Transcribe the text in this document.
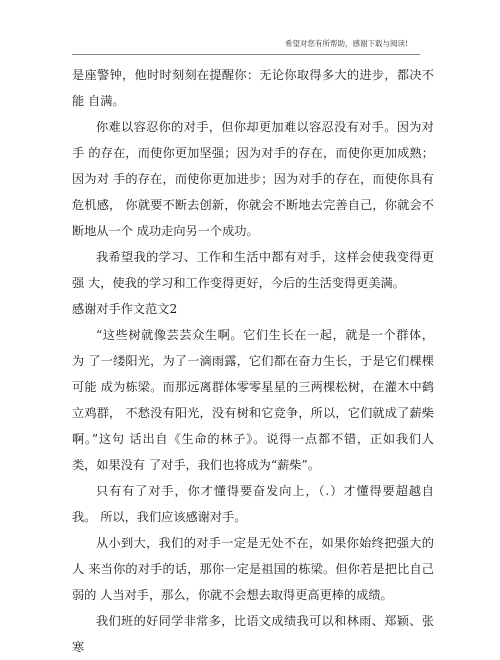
希望对您有所帮助，感谢下载与阅读!

是座警钟，他时时刻刻在提醒你：无论你取得多大的进步，都决不能 自满。

你难以容忍你的对手，但你却更加难以容忍没有对手。因为对手 的存在，而使你更加坚强；因为对手的存在，而使你更加成熟；因为对 手的存在，而使你更加进步；因为对手的存在，而使你具有危机感， 你就要不断去创新，你就会不断地去完善自己，你就会不断地从一个 成功走向另一个成功。

我希望我的学习、工作和生活中都有对手，这样会使我变得更强 大，使我的学习和工作变得更好，今后的生活变得更美满。

感谢对手作文范文2

“这些树就像芸芸众生啊。它们生长在一起，就是一个群体， 为 了一缕阳光，为了一滴雨露，它们都在奋力生长，于是它们棵棵可能 成为栋梁。而那远离群体零零星星的三两棵松树，在灌木中鹤立鸡群， 不愁没有阳光，没有树和它竞争，所以，它们就成了薪柴啊。”这句 话出自《生命的林子》。说得一点都不错，正如我们人类，如果没有 了对手，我们也将成为“薪柴”。

只有有了对手，你才懂得要奋发向上，（.）才懂得要超越自我。 所以，我们应该感谢对手。

从小到大，我们的对手一定是无处不在，如果你始终把强大的人 来当你的对手的话，那你一定是祖国的栋梁。但你若是把比自己弱的 人当对手，那么，你就不会想去取得更高更棒的成绩。

我们班的好同学非常多，比语文成绩我可以和林雨、郑颖、张寒
